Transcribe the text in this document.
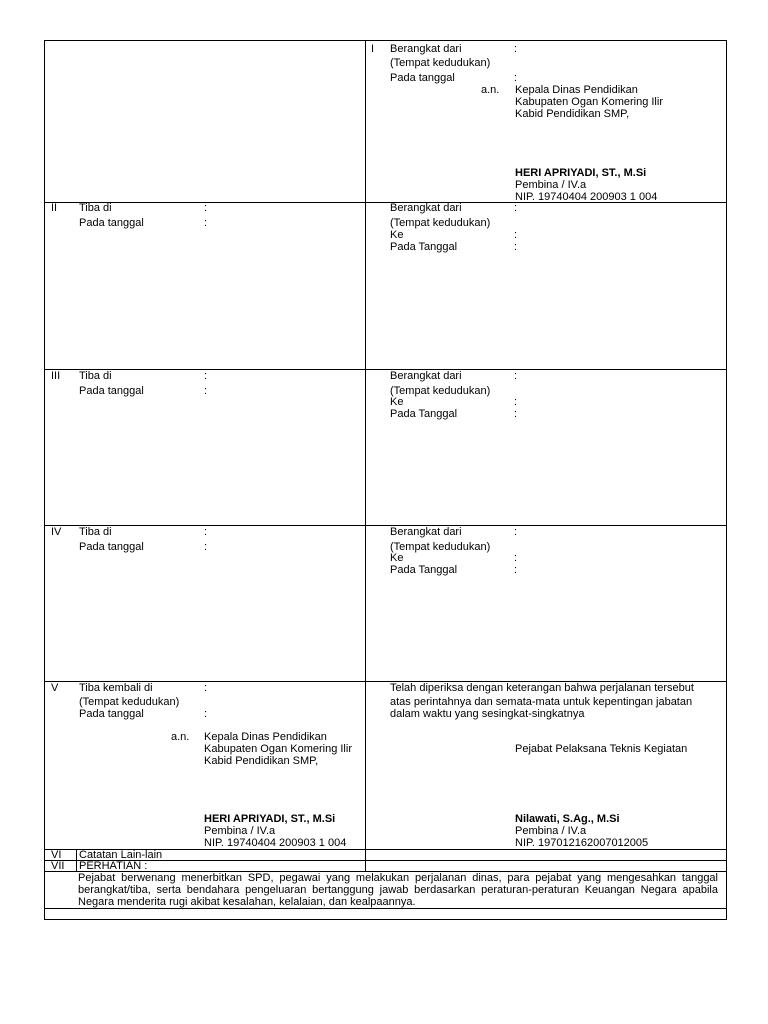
I Berangkat dari	:
(Tempat kedudukan)
Pada tanggal	:
a.n. Kepala Dinas Pendidikan
Kabupaten Ogan Komering Ilir
Kabid Pendidikan SMP,
HERI APRIYADI, ST., M.Si
Pembina / IV.a
NIP. 19740404 200903 1 004
II Tiba di	:
Pada tanggal	:
Berangkat dari	:
(Tempat kedudukan)
Ke	:
Pada Tanggal	:
III Tiba di	:
Pada tanggal	:
Berangkat dari	:
(Tempat kedudukan)
Ke	:
Pada Tanggal	:
IV Tiba di	:
Pada tanggal	:
Berangkat dari	:
(Tempat kedudukan)
Ke	:
Pada Tanggal	:
V Tiba kembali di	:
(Tempat kedudukan)
Pada tanggal	:
a.n. Kepala Dinas Pendidikan
Kabupaten Ogan Komering Ilir
Kabid Pendidikan SMP,
HERI APRIYADI, ST., M.Si
Pembina / IV.a
NIP. 19740404 200903 1 004
Telah diperiksa dengan keterangan bahwa perjalanan tersebut
atas perintahnya dan semata-mata untuk kepentingan jabatan
dalam waktu yang sesingkat-singkatnya
Pejabat Pelaksana Teknis Kegiatan
Nilawati, S.Ag., M.Si
Pembina / IV.a
NIP. 197012162007012005
VI Catatan Lain-lain
VII PERHATIAN :
Pejabat berwenang menerbitkan SPD, pegawai yang melakukan perjalanan dinas, para pejabat yang mengesahkan tanggal berangkat/tiba, serta bendahara pengeluaran bertanggung jawab berdasarkan peraturan-peraturan Keuangan Negara apabila Negara menderita rugi akibat kesalahan, kelalaian, dan kealpaannya.
